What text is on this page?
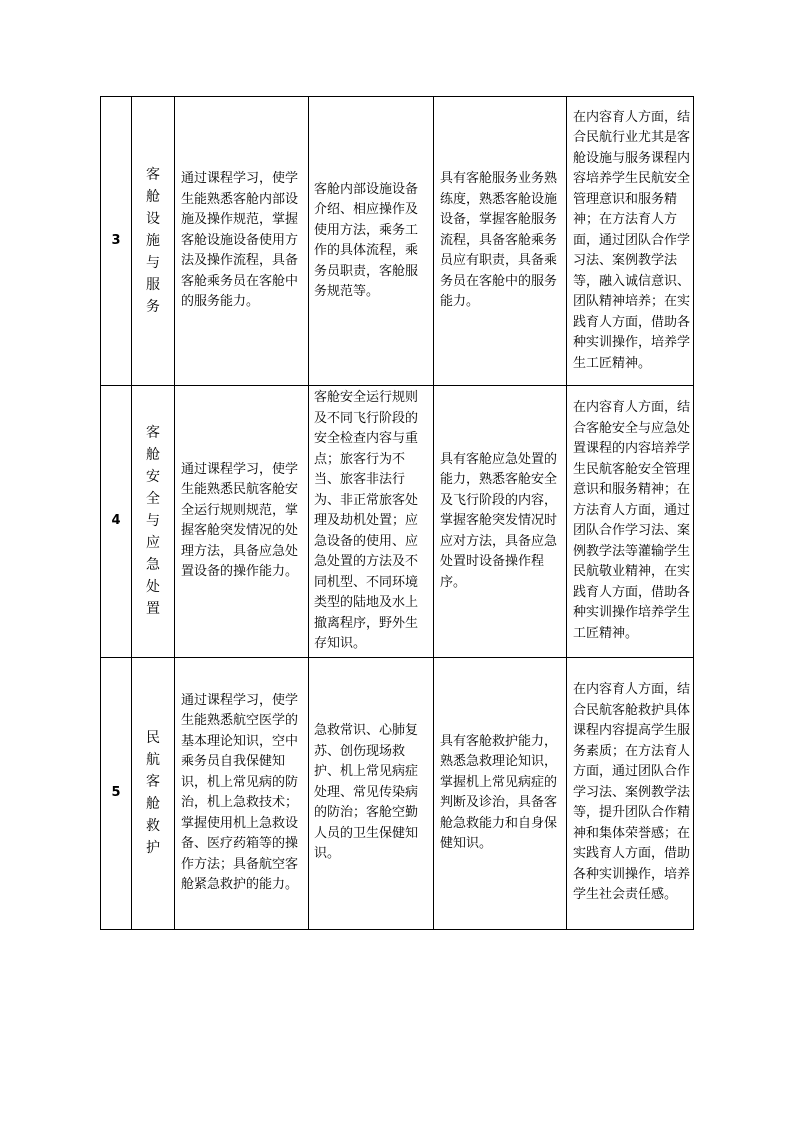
3	客舱设施与服务	通过课程学习，使学生能熟悉客舱内部设施及操作规范，掌握客舱设施设备使用方法及操作流程，具备客舱乘务员在客舱中的服务能力。	客舱内部设施设备介绍、相应操作及使用方法，乘务工作的具体流程，乘务员职责，客舱服务规范等。	具有客舱服务业务熟练度，熟悉客舱设施设备，掌握客舱服务流程，具备客舱乘务员应有职责，具备乘务员在客舱中的服务能力。	在内容育人方面，结合民航行业尤其是客舱设施与服务课程内容培养学生民航安全管理意识和服务精神；在方法育人方面，通过团队合作学习法、案例教学法等，融入诚信意识、团队精神培养；在实践育人方面，借助各种实训操作，培养学生工匠精神。

4	客舱安全与应急处置	通过课程学习，使学生能熟悉民航客舱安全运行规则规范，掌握客舱突发情况的处理方法，具备应急处置设备的操作能力。	客舱安全运行规则及不同飞行阶段的安全检查内容与重点；旅客行为不当、旅客非法行为、非正常旅客处理及劫机处置；应急设备的使用、应急处置的方法及不同机型、不同环境类型的陆地及水上撤离程序，野外生存知识。	具有客舱应急处置的能力，熟悉客舱安全及飞行阶段的内容，掌握客舱突发情况时应对方法，具备应急处置时设备操作程序。	在内容育人方面，结合客舱安全与应急处置课程的内容培养学生民航客舱安全管理意识和服务精神；在方法育人方面，通过团队合作学习法、案例教学法等灌输学生民航敬业精神，在实践育人方面，借助各种实训操作培养学生工匠精神。

5	民航客舱救护	通过课程学习，使学生能熟悉航空医学的基本理论知识，空中乘务员自我保健知识，机上常见病的防治，机上急救技术；掌握使用机上急救设备、医疗药箱等的操作方法；具备航空客舱紧急救护的能力。	急救常识、心肺复苏、创伤现场救护、机上常见病症处理、常见传染病的防治；客舱空勤人员的卫生保健知识。	具有客舱救护能力，熟悉急救理论知识，掌握机上常见病症的判断及诊治，具备客舱急救能力和自身保健知识。	在内容育人方面，结合民航客舱救护具体课程内容提高学生服务素质；在方法育人方面，通过团队合作学习法、案例教学法等，提升团队合作精神和集体荣誉感；在实践育人方面，借助各种实训操作，培养学生社会责任感。
